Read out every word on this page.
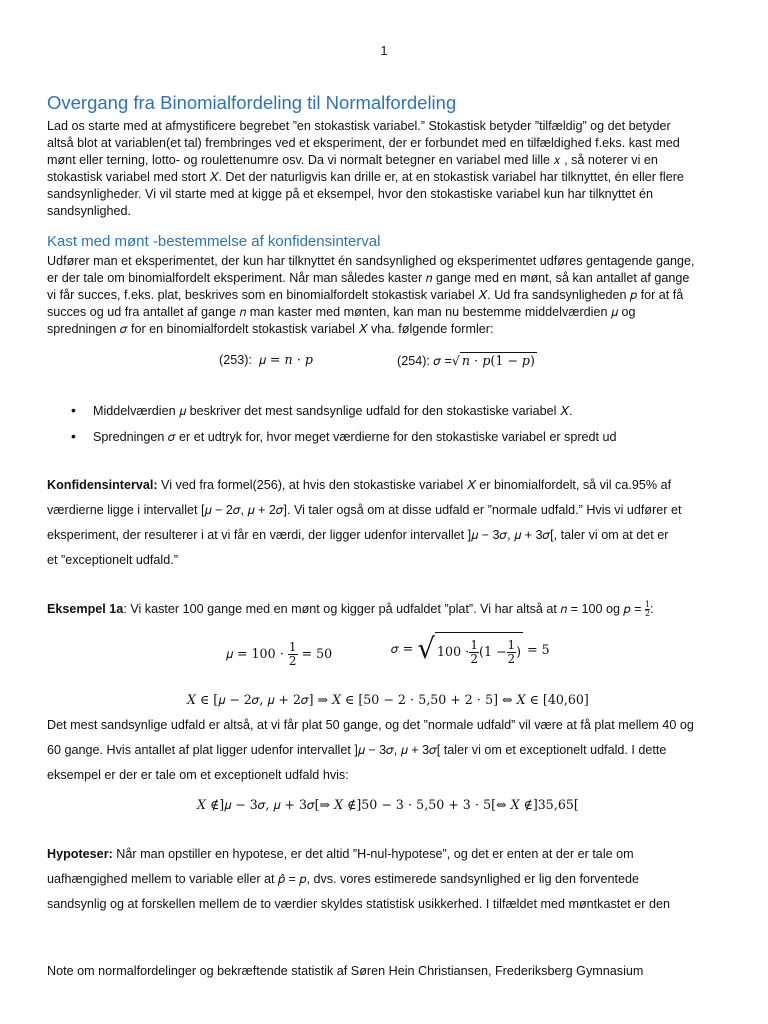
1
Overgang fra Binomialfordeling til Normalfordeling
Lad os starte med at afmystificere begrebet ”en stokastisk variabel.” Stokastisk betyder ”tilfældig” og det betyder
altså blot at variablen(et tal) frembringes ved et eksperiment, der er forbundet med en tilfældighed f.eks. kast med
mønt eller terning, lotto- og roulettenumre osv. Da vi normalt betegner en variabel med lille 𝑥 , så noterer vi en
stokastisk variabel med stort 𝑋. Det der naturligvis kan drille er, at en stokastisk variabel har tilknyttet, én eller flere
sandsynligheder. Vi vil starte med at kigge på et eksempel, hvor den stokastiske variabel kun har tilknyttet én
sandsynlighed.
Kast med mønt -bestemmelse af konfidensinterval
Udfører man et eksperimentet, der kun har tilknyttet én sandsynlighed og eksperimentet udføres gentagende gange,
er der tale om binomialfordelt eksperiment. Når man således kaster 𝑛 gange med en mønt, så kan antallet af gange
vi får succes, f.eks. plat, beskrives som en binomialfordelt stokastisk variabel 𝑋. Ud fra sandsynligheden 𝑝 for at få
succes og ud fra antallet af gange 𝑛 man kaster med mønten, kan man nu bestemme middelværdien 𝜇 og
spredningen 𝜎 for en binomialfordelt stokastisk variabel 𝑋 vha. følgende formler:
(253): 𝜇 = 𝑛 ⋅ 𝑝	(254): 𝜎 =√ 𝑛 ⋅ 𝑝(1 − 𝑝)
• Middelværdien 𝜇 beskriver det mest sandsynlige udfald for den stokastiske variabel 𝑋.
• Spredningen 𝜎 er et udtryk for, hvor meget værdierne for den stokastiske variabel er spredt ud
Konfidensinterval: Vi ved fra formel(256), at hvis den stokastiske variabel 𝑋 er binomialfordelt, så vil ca.95% af
værdierne ligge i intervallet [𝜇 − 2𝜎, 𝜇 + 2𝜎]. Vi taler også om at disse udfald er ”normale udfald.” Hvis vi udfører et
eksperiment, der resulterer i at vi får en værdi, der ligger udenfor intervallet ]𝜇 − 3𝜎, 𝜇 + 3𝜎[, taler vi om at det er
et ”exceptionelt udfald.”
Eksempel 1a: Vi kaster 100 gange med en mønt og kigger på udfaldet ”plat”. Vi har altså at 𝑛 = 100 og 𝑝 = $\frac{1}{2}$ :
𝜇 = $100 \cdot \frac{1}{2} = 50$	𝜎 = √ $100 \cdot \frac{1}{2} (1 - \frac{1}{2}$ ) = 5
𝑋 ∈ [𝜇 − 2𝜎, 𝜇 + 2𝜎] ⇒ 𝑋 ∈ [50 − 2 ⋅ 5,50 + 2 ⋅ 5] ⇔ 𝑋 ∈ [40,60]
Det mest sandsynlige udfald er altså, at vi får plat 50 gange, og det ”normale udfald” vil være at få plat mellem 40 og
60 gange. Hvis antallet af plat ligger udenfor intervallet ]𝜇 − 3𝜎, 𝜇 + 3𝜎[ taler vi om et exceptionelt udfald. I dette
eksempel er der er tale om et exceptionelt udfald hvis:
𝑋 ∉]𝜇 − 3𝜎, 𝜇 + 3𝜎[⇒ 𝑋 ∉]50 − 3 ⋅ 5,50 + 3 ⋅ 5[⇔ 𝑋 ∉]35,65[
Hypoteser: Når man opstiller en hypotese, er det altid ”H-nul-hypotese”, og det er enten at der er tale om
uafhængighed mellem to variable eller at 𝑝̂ = 𝑝, dvs. vores estimerede sandsynlighed er lig den forventede
sandsynlig og at forskellen mellem de to værdier skyldes statistisk usikkerhed. I tilfældet med møntkastet er den
Note om normalfordelinger og bekræftende statistik af Søren Hein Christiansen, Frederiksberg Gymnasium
